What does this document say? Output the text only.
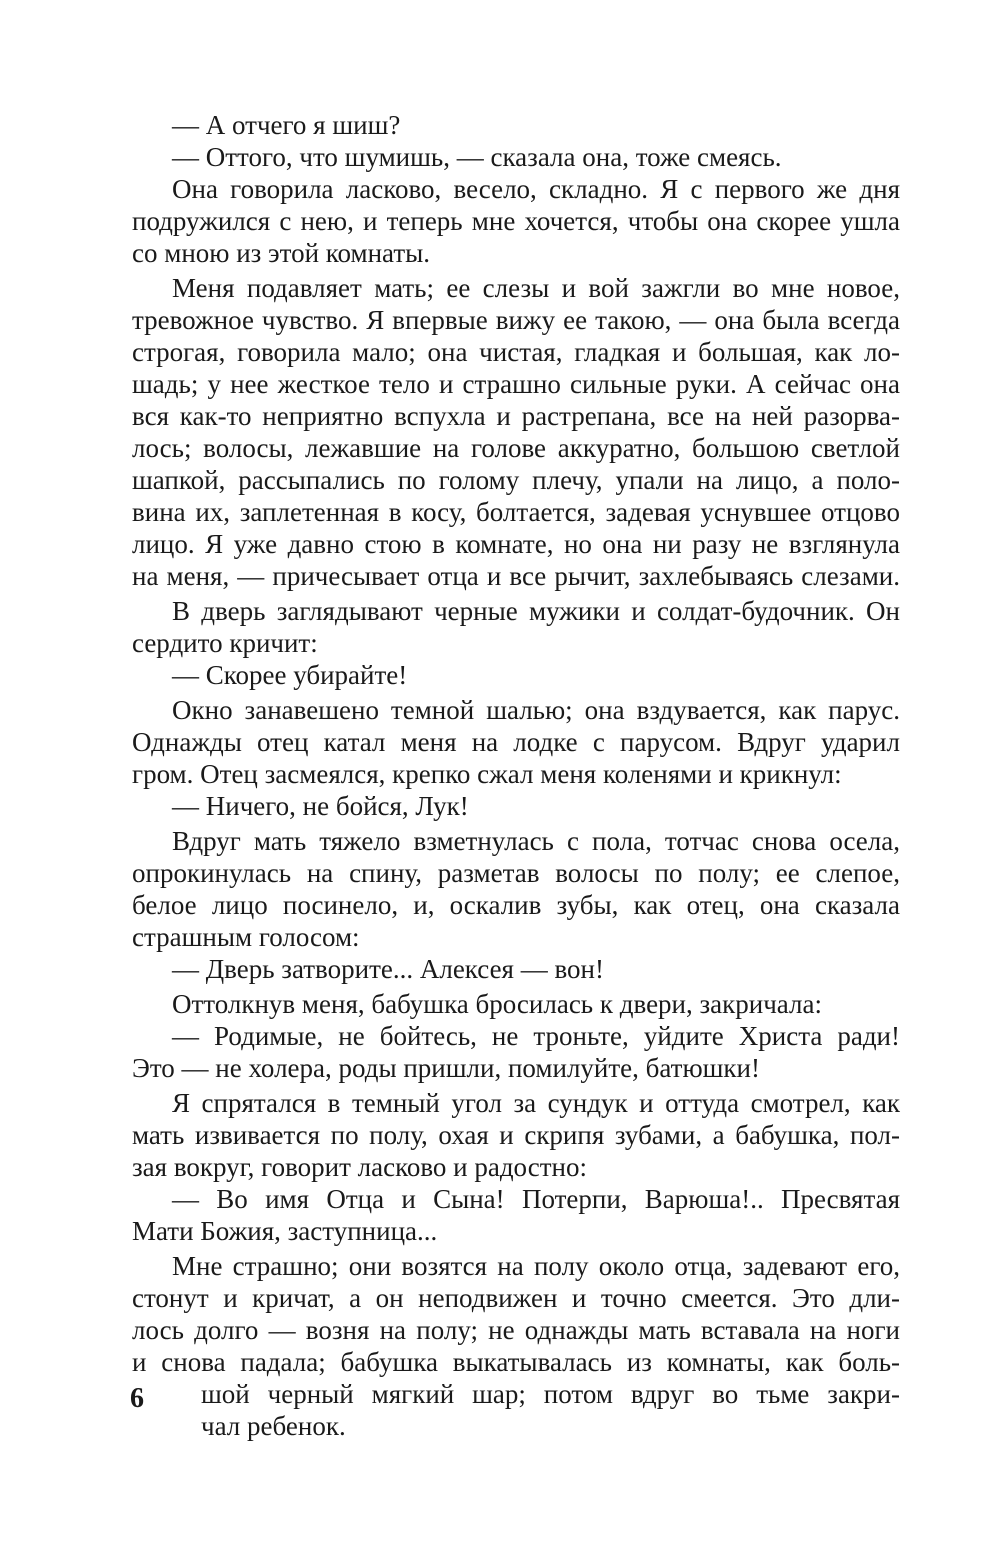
— А отчего я шиш?
— Оттого, что шумишь, — сказала она, тоже смеясь.
Она говорила ласково, весело, складно. Я с первого же дня
подружился с нею, и теперь мне хочется, чтобы она скорее ушла
со мною из этой комнаты.
Меня подавляет мать; ее слезы и вой зажгли во мне новое,
тревожное чувство. Я впервые вижу ее такою, — она была всегда
строгая, говорила мало; она чистая, гладкая и большая, как ло-
шадь; у нее жесткое тело и страшно сильные руки. А сейчас она
вся как-то неприятно вспухла и растрепана, все на ней разорва-
лось; волосы, лежавшие на голове аккуратно, большою светлой
шапкой, рассыпались по голому плечу, упали на лицо, а поло-
вина их, заплетенная в косу, болтается, задевая уснувшее отцово
лицо. Я уже давно стою в комнате, но она ни разу не взглянула
на меня, — причесывает отца и все рычит, захлебываясь слезами.
В дверь заглядывают черные мужики и солдат-будочник. Он
сердито кричит:
— Скорее убирайте!
Окно занавешено темной шалью; она вздувается, как парус.
Однажды отец катал меня на лодке с парусом. Вдруг ударил
гром. Отец засмеялся, крепко сжал меня коленями и крикнул:
— Ничего, не бойся, Лук!
Вдруг мать тяжело взметнулась с пола, тотчас снова осела,
опрокинулась на спину, разметав волосы по полу; ее слепое,
белое лицо посинело, и, оскалив зубы, как отец, она сказала
страшным голосом:
— Дверь затворите... Алексея — вон!
Оттолкнув меня, бабушка бросилась к двери, закричала:
— Родимые, не бойтесь, не троньте, уйдите Христа ради!
Это — не холера, роды пришли, помилуйте, батюшки!
Я спрятался в темный угол за сундук и оттуда смотрел, как
мать извивается по полу, охая и скрипя зубами, а бабушка, пол-
зая вокруг, говорит ласково и радостно:
— Во имя Отца и Сына! Потерпи, Варюша!.. Пресвятая
Мати Божия, заступница...
Мне страшно; они возятся на полу около отца, задевают его,
стонут и кричат, а он неподвижен и точно смеется. Это дли-
лось долго — возня на полу; не однажды мать вставала на ноги
и снова падала; бабушка выкатывалась из комнаты, как боль-
шой черный мягкий шар; потом вдруг во тьме закри-
чал ребенок.
6
